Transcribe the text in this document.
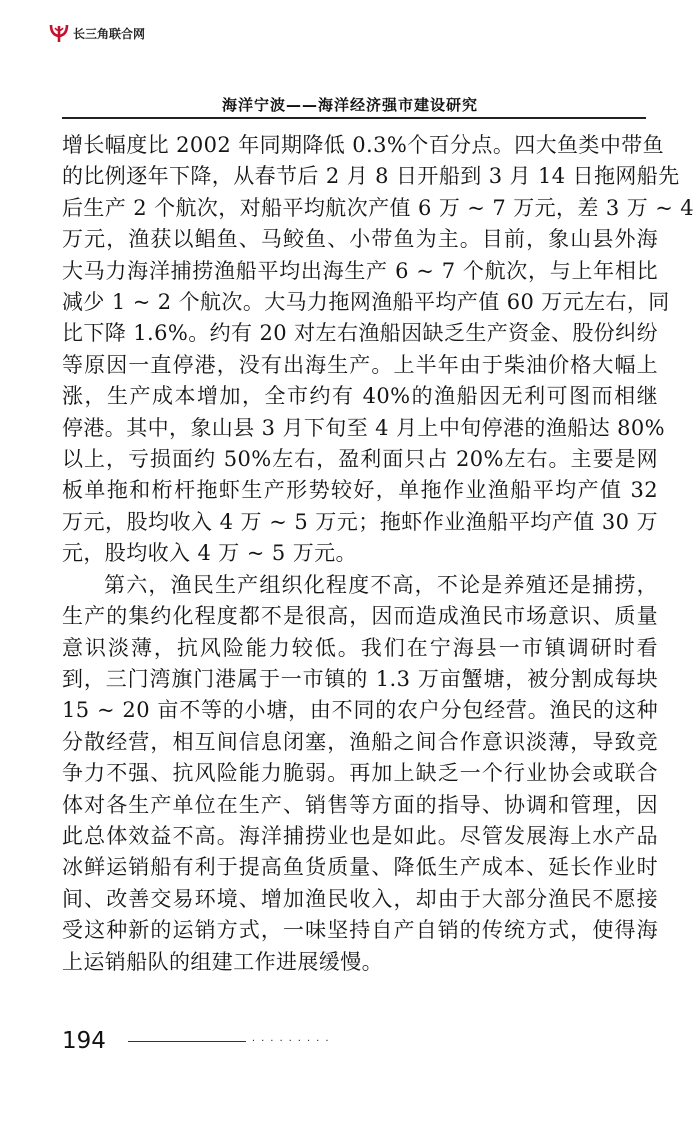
长三角联合网
海洋宁波——海洋经济强市建设研究

增长幅度比 2002 年同期降低 0.3%个百分点。四大鱼类中带鱼
的比例逐年下降，从春节后 2 月 8 日开船到 3 月 14 日拖网船先
后生产 2 个航次，对船平均航次产值 6 万 ~ 7 万元，差 3 万 ~ 4
万元，渔获以鲳鱼、马鲛鱼、小带鱼为主。目前，象山县外海
大马力海洋捕捞渔船平均出海生产 6 ~ 7 个航次，与上年相比
减少 1 ~ 2 个航次。大马力拖网渔船平均产值 60 万元左右，同
比下降 1.6%。约有 20 对左右渔船因缺乏生产资金、股份纠纷
等原因一直停港，没有出海生产。上半年由于柴油价格大幅上
涨，生产成本增加，全市约有 40%的渔船因无利可图而相继
停港。其中，象山县 3 月下旬至 4 月上中旬停港的渔船达 80%
以上，亏损面约 50%左右，盈利面只占 20%左右。主要是网
板单拖和桁杆拖虾生产形势较好，单拖作业渔船平均产值 32
万元，股均收入 4 万 ~ 5 万元；拖虾作业渔船平均产值 30 万
元，股均收入 4 万 ~ 5 万元。

第六，渔民生产组织化程度不高，不论是养殖还是捕捞，
生产的集约化程度都不是很高，因而造成渔民市场意识、质量
意识淡薄，抗风险能力较低。我们在宁海县一市镇调研时看
到，三门湾旗门港属于一市镇的 1.3 万亩蟹塘，被分割成每块
15 ~ 20 亩不等的小塘，由不同的农户分包经营。渔民的这种
分散经营，相互间信息闭塞，渔船之间合作意识淡薄，导致竞
争力不强、抗风险能力脆弱。再加上缺乏一个行业协会或联合
体对各生产单位在生产、销售等方面的指导、协调和管理，因
此总体效益不高。海洋捕捞业也是如此。尽管发展海上水产品
冰鲜运销船有利于提高鱼货质量、降低生产成本、延长作业时
间、改善交易环境、增加渔民收入，却由于大部分渔民不愿接
受这种新的运销方式，一味坚持自产自销的传统方式，使得海
上运销船队的组建工作进展缓慢。

194	·········
